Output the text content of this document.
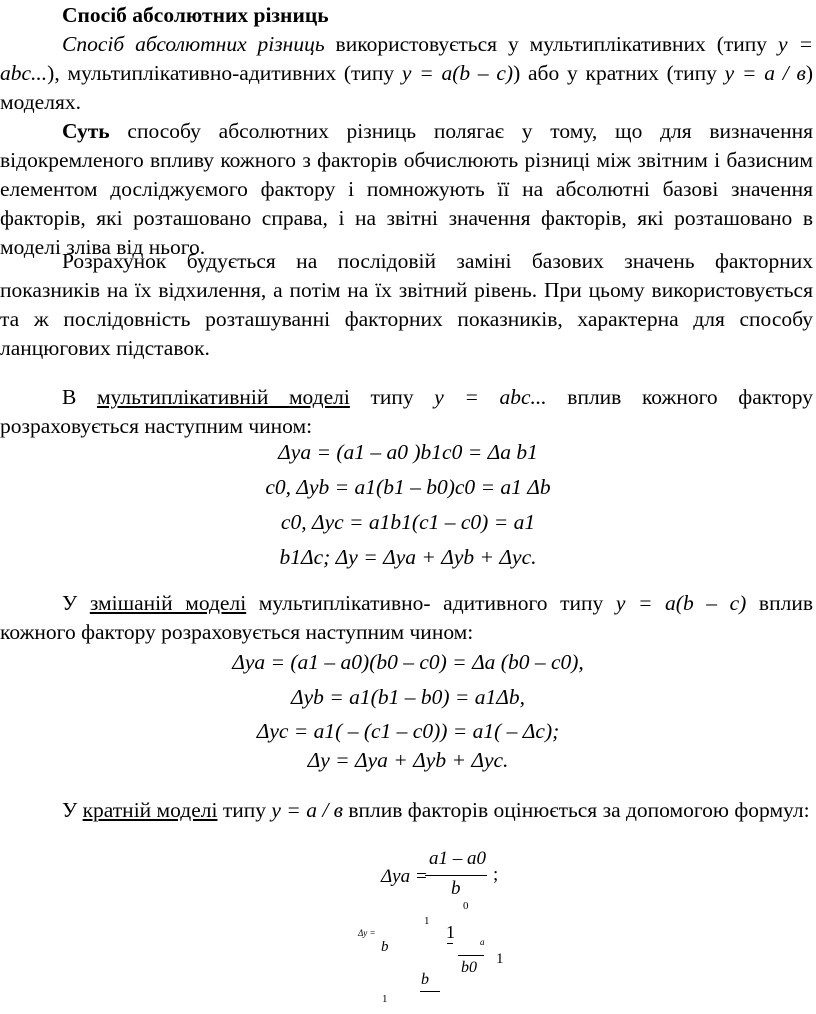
Спосіб абсолютних різниць

Спосіб абсолютних різниць використовується у мультиплікативних (типу у = аbс...), мультиплікативно-адитивних (типу у = а(b – с)) або у кратних (типу у = а / в) моделях.

Суть способу абсолютних різниць полягає у тому, що для визначення відокремленого впливу кожного з факторів обчислюють різниці між звітним і базисним елементом досліджуємого фактору і помножують її на абсолютні базові значення факторів, які розташовано справа, і на звітні значення факторів, які розташовано в моделі зліва від нього.

Розрахунок будується на послідовій заміні базових значень факторних показників на їх відхилення, а потім на їх звітний рівень. При цьому використовується та ж послідовність розташуванні факторних показників, характерна для способу ланцюгових підставок.

В мультиплікативній моделі типу у = аbс... вплив кожного фактору розраховується наступним чином:

Δyа = (а1 – а0 )b1с0 = Δа b1

с0, Δyb = а1(b1 – b0)с0 = а1 Δb

с0, Δyс = а1b1(с1 – с0) = а1

b1Δс; Δy = Δyа + Δyb + Δyс.

У змішаній моделі мультиплікативно- адитивного типу у = а(b – с) вплив кожного фактору розраховується наступним чином:

Δyа = (а1 – а0)(b0 – с0) = Δа (b0 – с0),

Δyb = а1(b1 – b0) = а1Δb,

Δyс = а1( – (с1 – с0)) = а1( – Δс);

Δy = Δyа + Δyb + Δyс.

У кратній моделі типу у = а / в вплив факторів оцінюється за допомогою формул:

Δyа =
а1 – а0
b
0
;
Δy =
b
1
1
b0
а
1
b
1
